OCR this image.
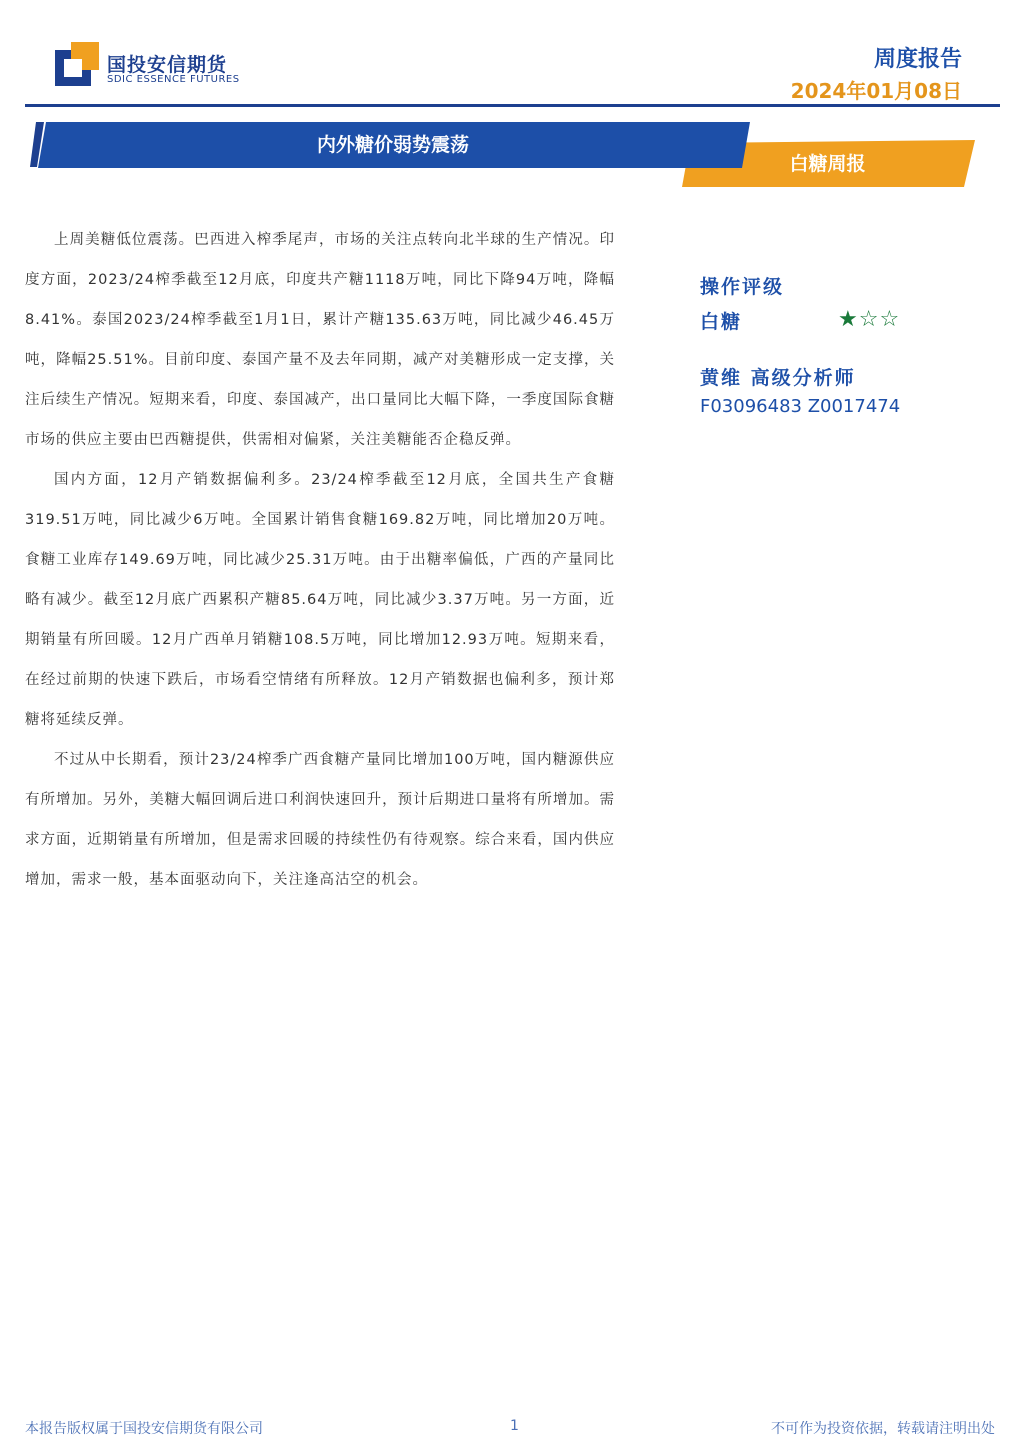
国投安信期货
SDIC ESSENCE FUTURES
周度报告
2024年01月08日
内外糖价弱势震荡
白糖周报

上周美糖低位震荡。巴西进入榨季尾声，市场的关注点转向北半球的生产情况。印度方面，2023/24榨季截至12月底，印度共产糖1118万吨，同比下降94万吨，降幅8.41%。泰国2023/24榨季截至1月1日，累计产糖135.63万吨，同比减少46.45万吨，降幅25.51%。目前印度、泰国产量不及去年同期，减产对美糖形成一定支撑，关注后续生产情况。短期来看，印度、泰国减产，出口量同比大幅下降，一季度国际食糖市场的供应主要由巴西糖提供，供需相对偏紧，关注美糖能否企稳反弹。

国内方面，12月产销数据偏利多。23/24榨季截至12月底，全国共生产食糖319.51万吨，同比减少6万吨。全国累计销售食糖169.82万吨，同比增加20万吨。食糖工业库存149.69万吨，同比减少25.31万吨。由于出糖率偏低，广西的产量同比略有减少。截至12月底广西累积产糖85.64万吨，同比减少3.37万吨。另一方面，近期销量有所回暖。12月广西单月销糖108.5万吨，同比增加12.93万吨。短期来看，在经过前期的快速下跌后，市场看空情绪有所释放。12月产销数据也偏利多，预计郑糖将延续反弹。

不过从中长期看，预计23/24榨季广西食糖产量同比增加100万吨，国内糖源供应有所增加。另外，美糖大幅回调后进口利润快速回升，预计后期进口量将有所增加。需求方面，近期销量有所增加，但是需求回暖的持续性仍有待观察。综合来看，国内供应增加，需求一般，基本面驱动向下，关注逢高沽空的机会。

操作评级
白糖	★☆☆
黄维 高级分析师
F03096483 Z0017474
本报告版权属于国投安信期货有限公司	1	不可作为投资依据，转载请注明出处
